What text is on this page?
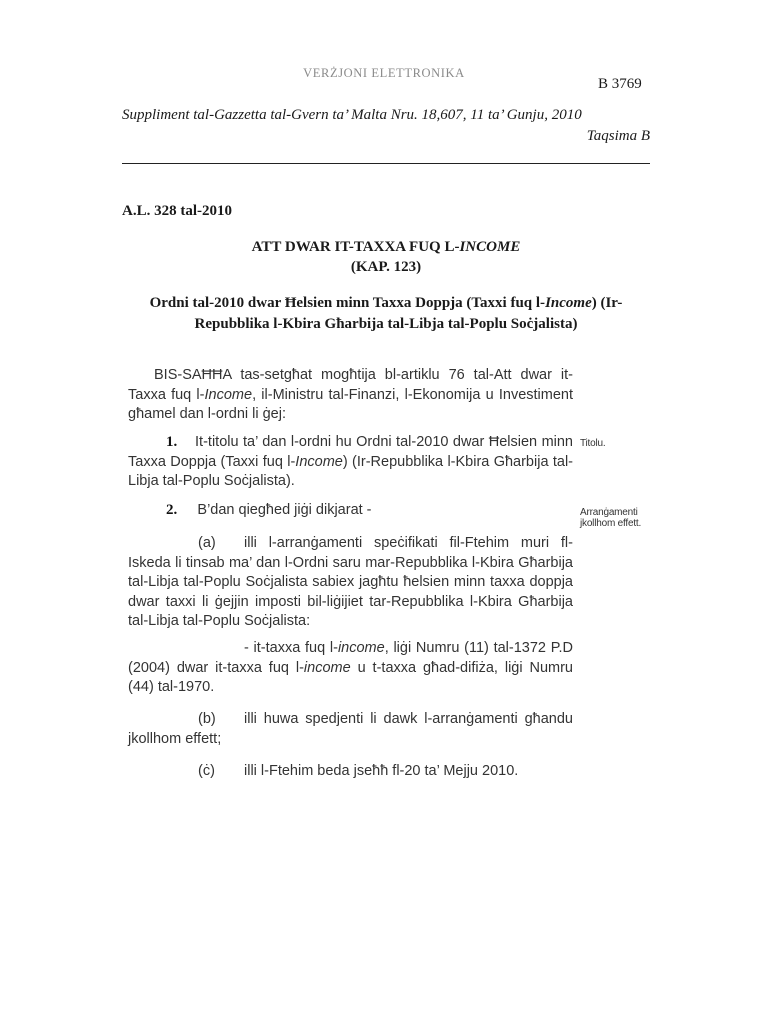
VERŻJONI ELETTRONIKA
B 3769
Suppliment tal-Gazzetta tal-Gvern ta’ Malta Nru. 18,607, 11 ta’ Gunju, 2010
Taqsima B
A.L. 328 tal-2010
ATT DWAR IT-TAXXA FUQ L-INCOME
(KAP. 123)
Ordni tal-2010 dwar Ħelsien minn Taxxa Doppja (Taxxi fuq l-Income) (Ir-Repubblika l-Kbira Għarbija tal-Libja tal-Poplu Soċjalista)
BIS-SAĦĦA tas-setgħat mogħtija bl-artiklu 76 tal-Att dwar it-Taxxa fuq l-Income, il-Ministru tal-Finanzi, l-Ekonomija u Investiment għamel dan l-ordni li ġej:
1. It-titolu ta’ dan l-ordni hu Ordni tal-2010 dwar Ħelsien minn Taxxa Doppja (Taxxi fuq l-Income) (Ir-Repubblika l-Kbira Għarbija tal-Libja tal-Poplu Soċjalista).
2. B’dan qiegħed jiġi dikjarat -
(a) illi l-arranġamenti speċifikati fil-Ftehim muri fl-Iskeda li tinsab ma’ dan l-Ordni saru mar-Repubblika l-Kbira Għarbija tal-Libja tal-Poplu Soċjalista sabiex jagħtu ħelsien minn taxxa doppja dwar taxxi li ġejjin imposti bil-liġijiet tar-Repubblika l-Kbira Għarbija tal-Libja tal-Poplu Soċjalista:
- it-taxxa fuq l-income, liġi Numru (11) tal-1372 P.D (2004) dwar it-taxxa fuq l-income u t-taxxa għad-difiża, liġi Numru (44) tal-1970.
(b) illi huwa spedjenti li dawk l-arranġamenti għandu jkollhom effett;
(ċ) illi l-Ftehim beda jseħħ fl-20 ta’ Mejju 2010.
Titolu.
Arranġamenti
jkollhom effett.
